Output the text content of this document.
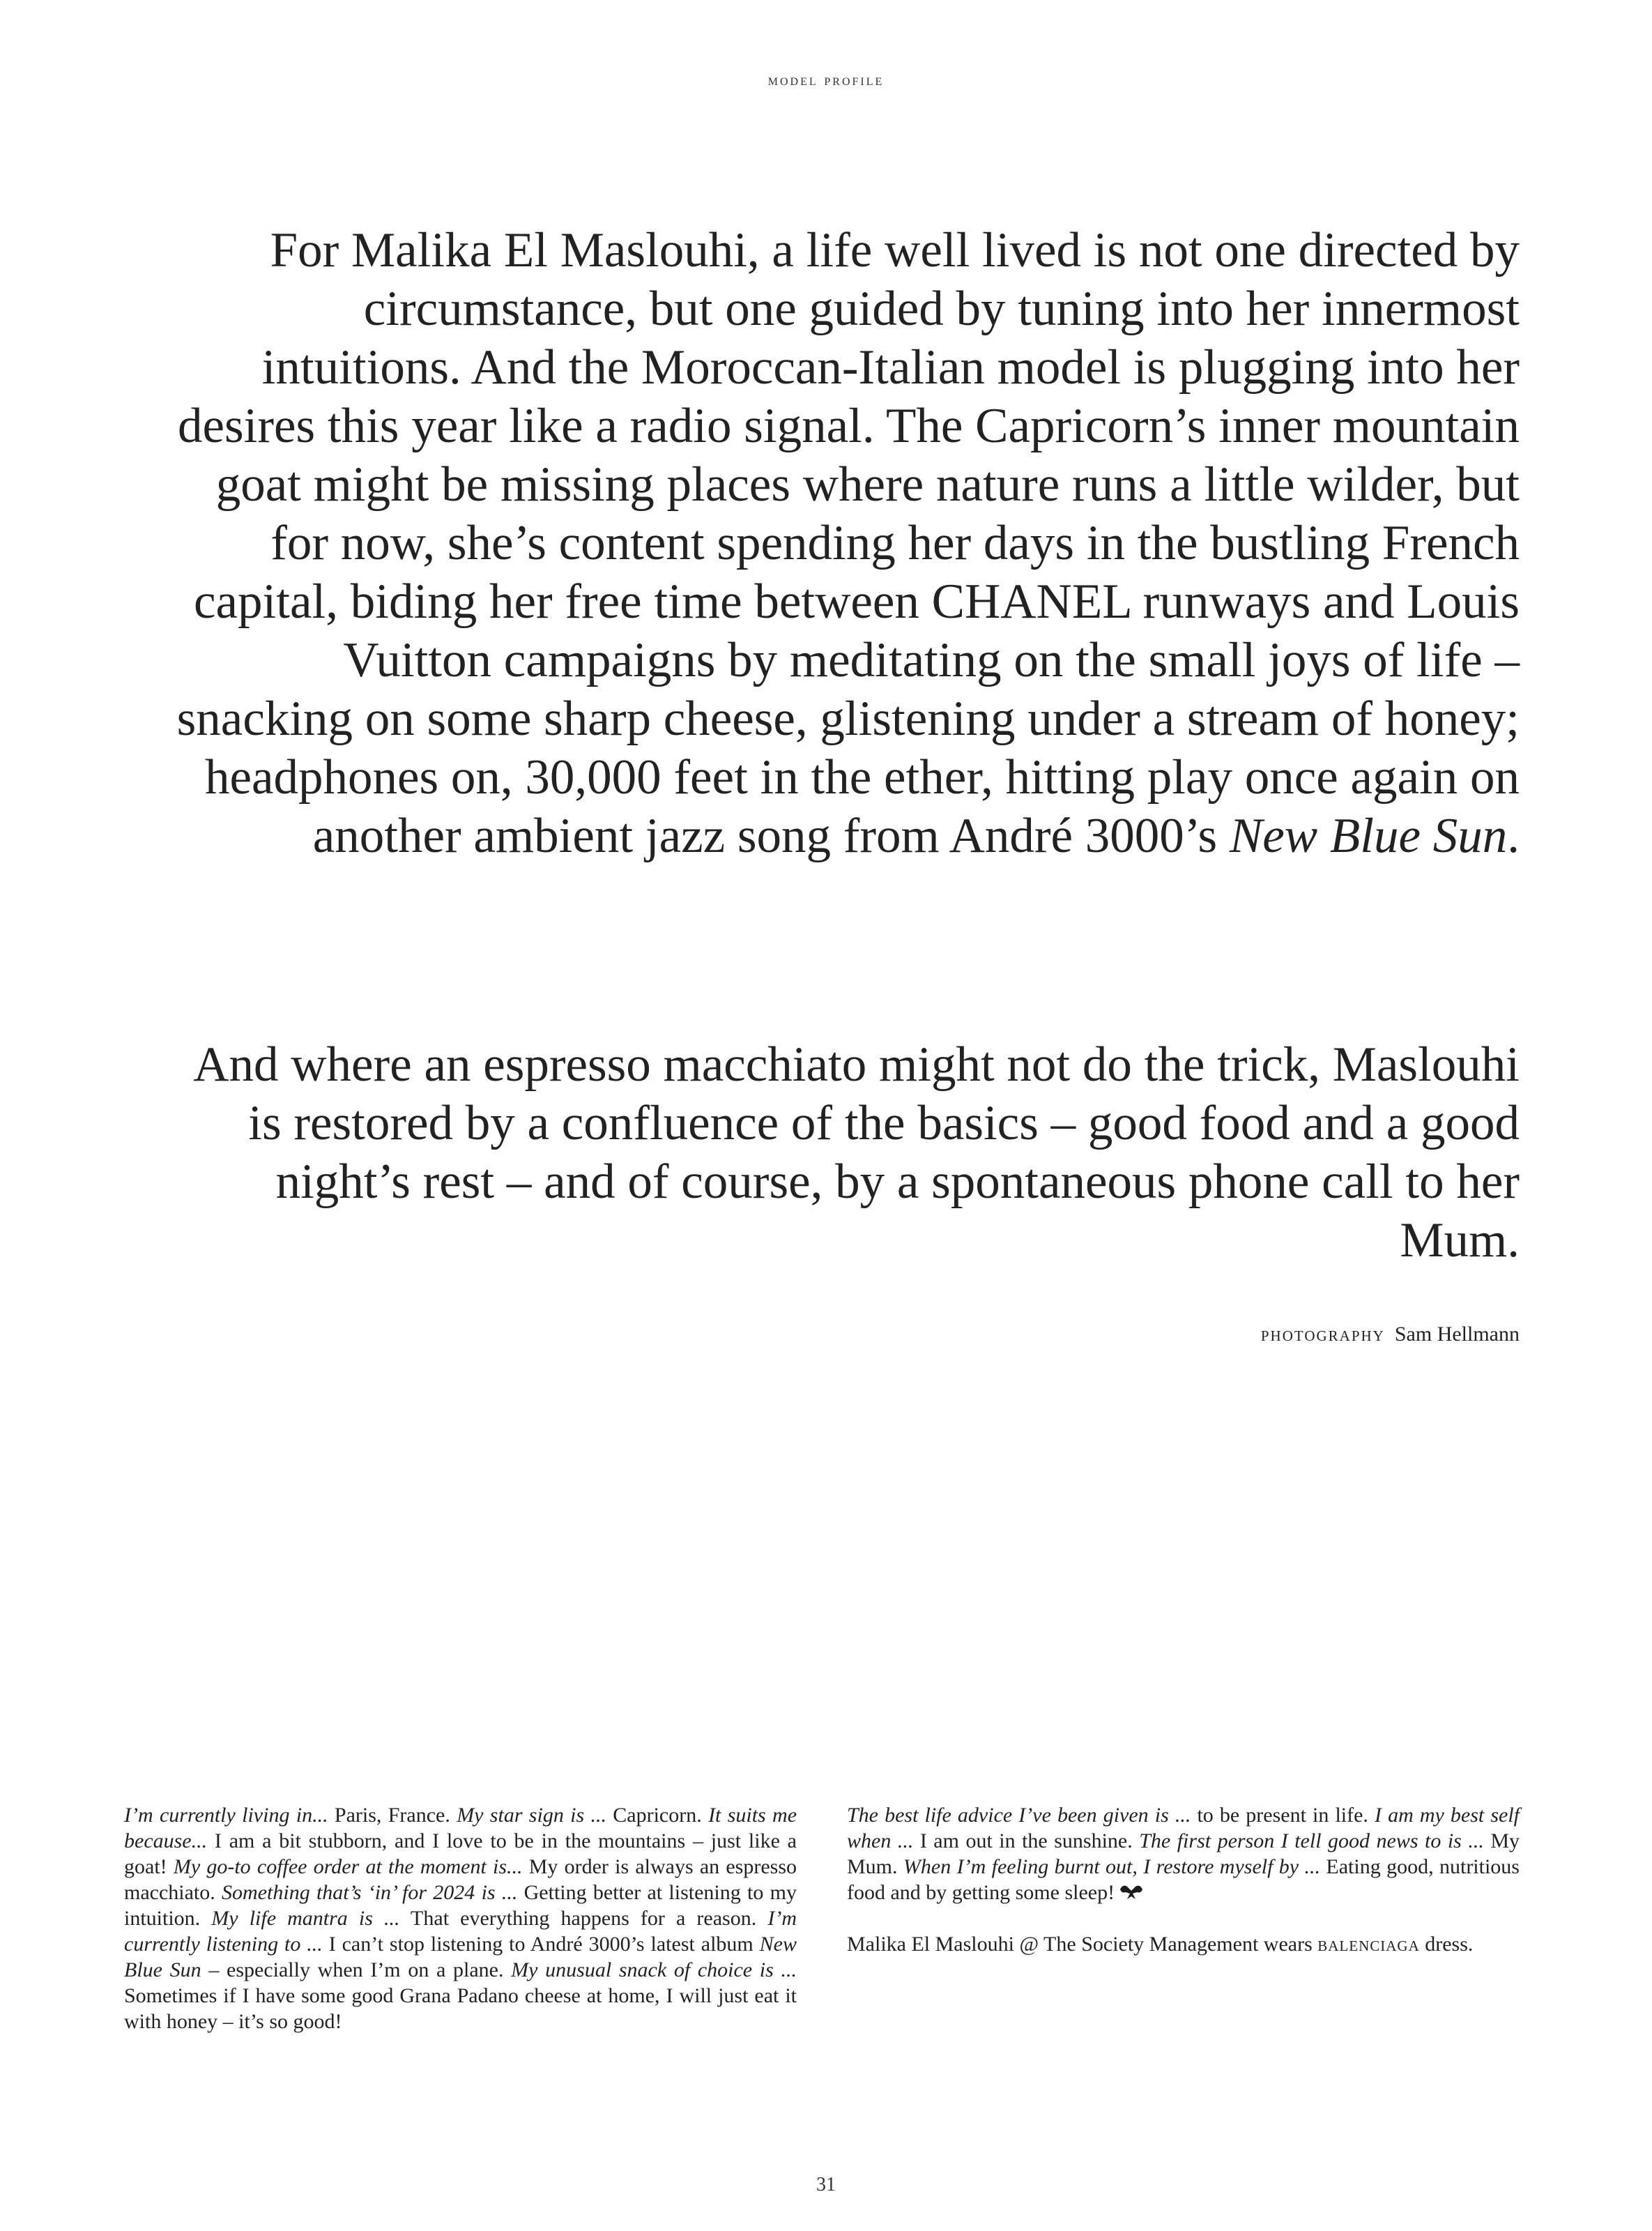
model profile

For Malika El Maslouhi, a life well lived is not one directed by circumstance, but one guided by tuning into her innermost intuitions. And the Moroccan-Italian model is plugging into her desires this year like a radio signal. The Capricorn’s inner mountain goat might be missing places where nature runs a little wilder, but for now, she’s content spending her days in the bustling French capital, biding her free time between CHANEL runways and Louis Vuitton campaigns by meditating on the small joys of life – snacking on some sharp cheese, glistening under a stream of honey; headphones on, 30,000 feet in the ether, hitting play once again on another ambient jazz song from André 3000’s New Blue Sun.

And where an espresso macchiato might not do the trick, Maslouhi is restored by a confluence of the basics – good food and a good night’s rest – and of course, by a spontaneous phone call to her Mum.

photography Sam Hellmann

I’m currently living in... Paris, France. My star sign is ... Capricorn. It suits me because... I am a bit stubborn, and I love to be in the mountains – just like a goat! My go-to coffee order at the moment is... My order is always an espresso macchiato. Something that’s ‘in’ for 2024 is ... Getting better at listening to my intuition. My life mantra is ... That everything happens for a reason. I’m currently listening to ... I can’t stop listening to André 3000’s latest album New Blue Sun – especially when I’m on a plane. My unusual snack of choice is ... Sometimes if I have some good Grana Padano cheese at home, I will just eat it with honey – it’s so good!

The best life advice I’ve been given is ... to be present in life. I am my best self when ... I am out in the sunshine. The first person I tell good news to is ... My Mum. When I’m feeling burnt out, I restore myself by ... Eating good, nutritious food and by getting some sleep!

Malika El Maslouhi @ The Society Management wears balenciaga dress.

31
